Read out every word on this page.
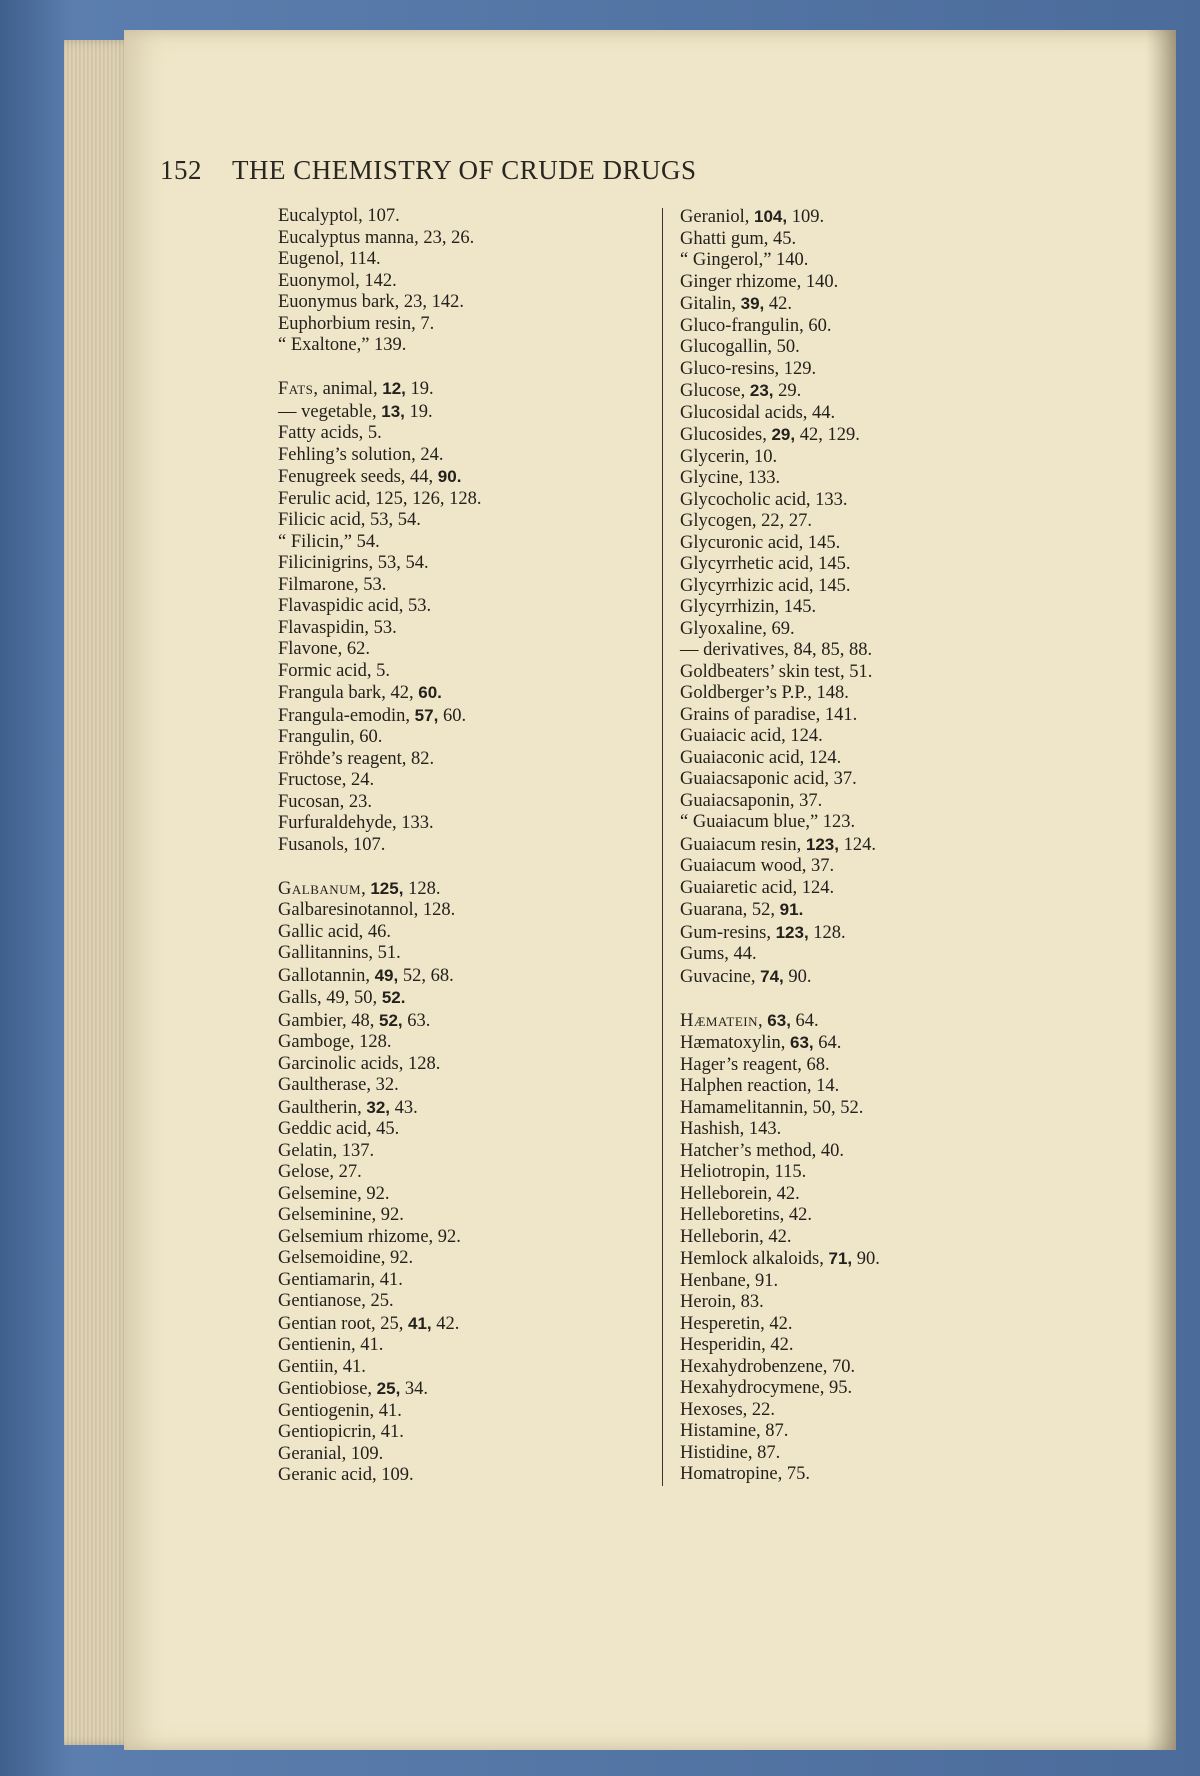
152 THE CHEMISTRY OF CRUDE DRUGS
Eucalyptol, 107.
Eucalyptus manna, 23, 26.
Eugenol, 114.
Euonymol, 142.
Euonymus bark, 23, 142.
Euphorbium resin, 7.
“ Exaltone,” 139.
Fats, animal, 12, 19.
— vegetable, 13, 19.
Fatty acids, 5.
Fehling’s solution, 24.
Fenugreek seeds, 44, 90.
Ferulic acid, 125, 126, 128.
Filicic acid, 53, 54.
“ Filicin,” 54.
Filicinigrins, 53, 54.
Filmarone, 53.
Flavaspidic acid, 53.
Flavaspidin, 53.
Flavone, 62.
Formic acid, 5.
Frangula bark, 42, 60.
Frangula-emodin, 57, 60.
Frangulin, 60.
Fröhde’s reagent, 82.
Fructose, 24.
Fucosan, 23.
Furfuraldehyde, 133.
Fusanols, 107.
Galbanum, 125, 128.
Galbaresinotannol, 128.
Gallic acid, 46.
Gallitannins, 51.
Gallotannin, 49, 52, 68.
Galls, 49, 50, 52.
Gambier, 48, 52, 63.
Gamboge, 128.
Garcinolic acids, 128.
Gaultherase, 32.
Gaultherin, 32, 43.
Geddic acid, 45.
Gelatin, 137.
Gelose, 27.
Gelsemine, 92.
Gelseminine, 92.
Gelsemium rhizome, 92.
Gelsemoidine, 92.
Gentiamarin, 41.
Gentianose, 25.
Gentian root, 25, 41, 42.
Gentienin, 41.
Gentiin, 41.
Gentiobiose, 25, 34.
Gentiogenin, 41.
Gentiopicrin, 41.
Geranial, 109.
Geranic acid, 109.
Geraniol, 104, 109.
Ghatti gum, 45.
“ Gingerol,” 140.
Ginger rhizome, 140.
Gitalin, 39, 42.
Gluco-frangulin, 60.
Glucogallin, 50.
Gluco-resins, 129.
Glucose, 23, 29.
Glucosidal acids, 44.
Glucosides, 29, 42, 129.
Glycerin, 10.
Glycine, 133.
Glycocholic acid, 133.
Glycogen, 22, 27.
Glycuronic acid, 145.
Glycyrrhetic acid, 145.
Glycyrrhizic acid, 145.
Glycyrrhizin, 145.
Glyoxaline, 69.
— derivatives, 84, 85, 88.
Goldbeaters’ skin test, 51.
Goldberger’s P.P., 148.
Grains of paradise, 141.
Guaiacic acid, 124.
Guaiaconic acid, 124.
Guaiacsaponic acid, 37.
Guaiacsaponin, 37.
“ Guaiacum blue,” 123.
Guaiacum resin, 123, 124.
Guaiacum wood, 37.
Guaiaretic acid, 124.
Guarana, 52, 91.
Gum-resins, 123, 128.
Gums, 44.
Guvacine, 74, 90.
Hæmatein, 63, 64.
Hæmatoxylin, 63, 64.
Hager’s reagent, 68.
Halphen reaction, 14.
Hamamelitannin, 50, 52.
Hashish, 143.
Hatcher’s method, 40.
Heliotropin, 115.
Helleborein, 42.
Helleboretins, 42.
Helleborin, 42.
Hemlock alkaloids, 71, 90.
Henbane, 91.
Heroin, 83.
Hesperetin, 42.
Hesperidin, 42.
Hexahydrobenzene, 70.
Hexahydrocymene, 95.
Hexoses, 22.
Histamine, 87.
Histidine, 87.
Homatropine, 75.
